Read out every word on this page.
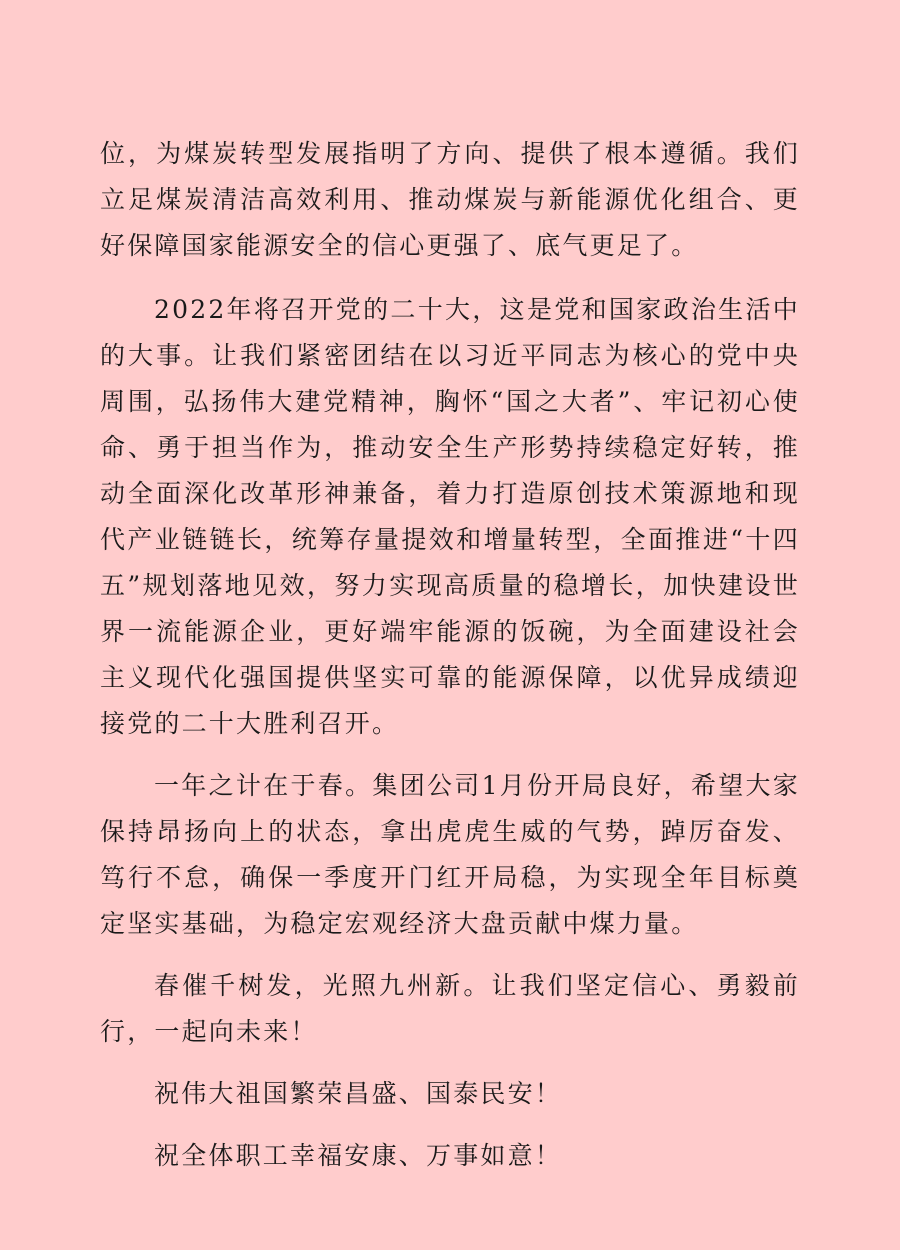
位，为煤炭转型发展指明了方向、提供了根本遵循。我们立足煤炭清洁高效利用、推动煤炭与新能源优化组合、更好保障国家能源安全的信心更强了、底气更足了。

2022年将召开党的二十大，这是党和国家政治生活中的大事。让我们紧密团结在以习近平同志为核心的党中央周围，弘扬伟大建党精神，胸怀“国之大者”、牢记初心使命、勇于担当作为，推动安全生产形势持续稳定好转，推动全面深化改革形神兼备，着力打造原创技术策源地和现代产业链链长，统筹存量提效和增量转型，全面推进“十四五”规划落地见效，努力实现高质量的稳增长，加快建设世界一流能源企业，更好端牢能源的饭碗，为全面建设社会主义现代化强国提供坚实可靠的能源保障，以优异成绩迎接党的二十大胜利召开。

一年之计在于春。集团公司1月份开局良好，希望大家保持昂扬向上的状态，拿出虎虎生威的气势，踔厉奋发、笃行不怠，确保一季度开门红开局稳，为实现全年目标奠定坚实基础，为稳定宏观经济大盘贡献中煤力量。

春催千树发，光照九州新。让我们坚定信心、勇毅前行，一起向未来！

祝伟大祖国繁荣昌盛、国泰民安！

祝全体职工幸福安康、万事如意！
